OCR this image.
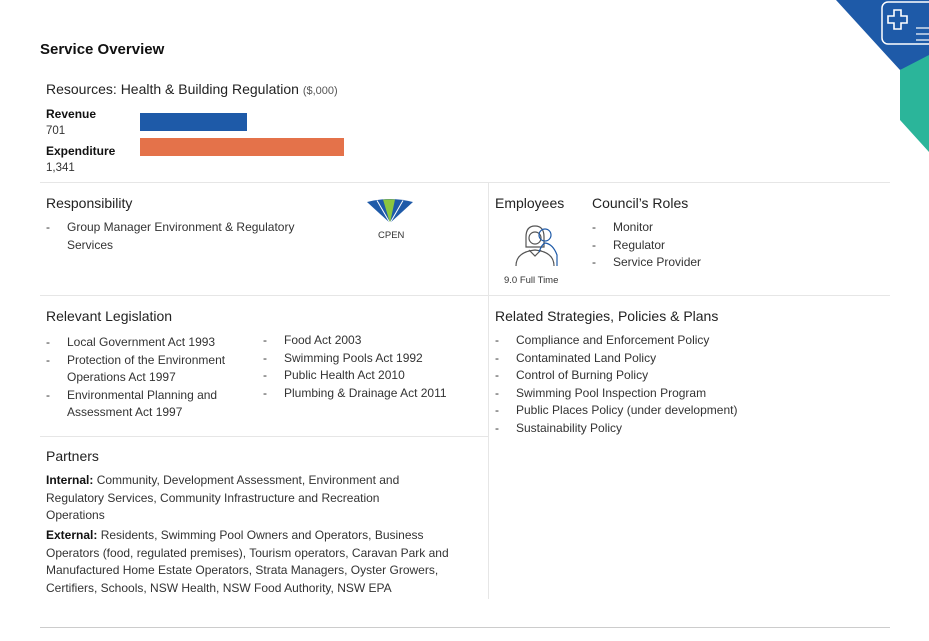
Service Overview
Resources: Health & Building Regulation ($,000)
Revenue
701
Expenditure
1,341
Responsibility
- Group Manager Environment & Regulatory Services
CPEN
Employees
9.0 Full Time
Council’s Roles
- Monitor
- Regulator
- Service Provider
Relevant Legislation
- Local Government Act 1993
- Protection of the Environment Operations Act 1997
- Environmental Planning and Assessment Act 1997
- Food Act 2003
- Swimming Pools Act 1992
- Public Health Act 2010
- Plumbing & Drainage Act 2011
Related Strategies, Policies & Plans
- Compliance and Enforcement Policy
- Contaminated Land Policy
- Control of Burning Policy
- Swimming Pool Inspection Program
- Public Places Policy (under development)
- Sustainability Policy
Partners
Internal: Community, Development Assessment, Environment and Regulatory Services, Community Infrastructure and Recreation Operations
External: Residents, Swimming Pool Owners and Operators, Business Operators (food, regulated premises), Tourism operators, Caravan Park and Manufactured Home Estate Operators, Strata Managers, Oyster Growers, Certifiers, Schools, NSW Health, NSW Food Authority, NSW EPA
